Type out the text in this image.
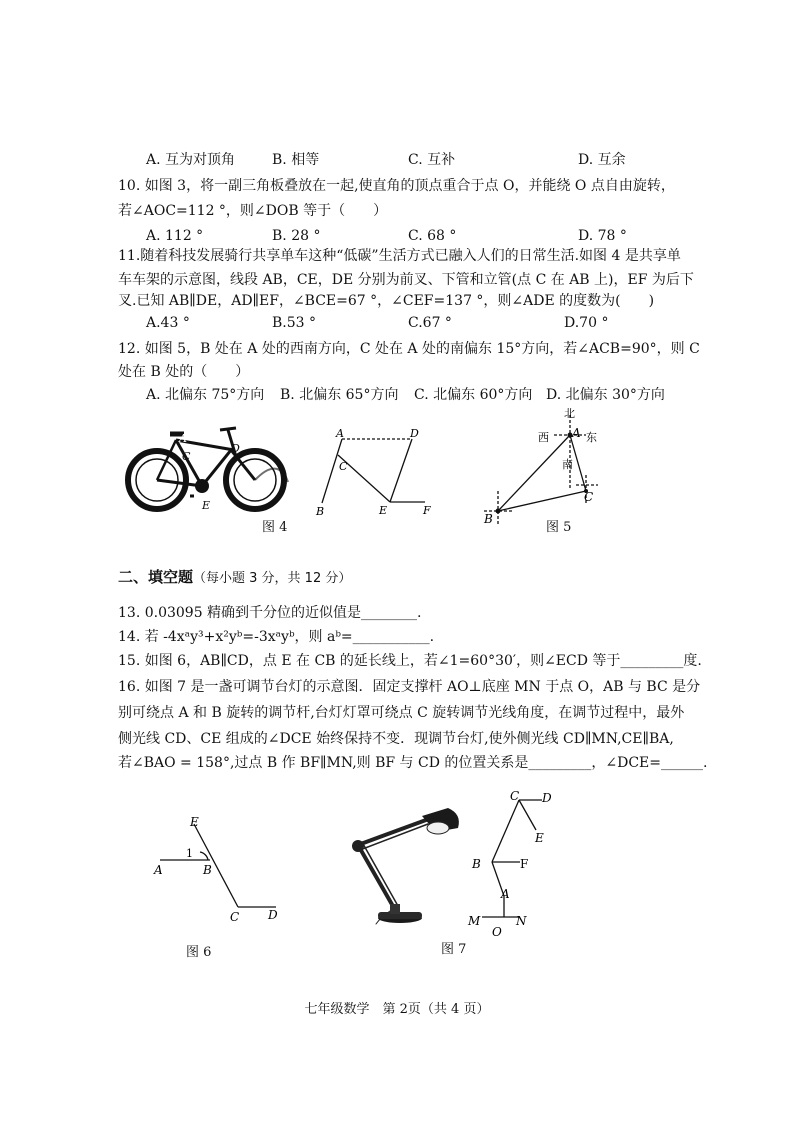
A. 互为对顶角	B. 相等	C. 互补	D. 互余
10. 如图 3，将一副三角板叠放在一起,使直角的顶点重合于点 O，并能绕 O 点自由旋转，
若∠AOC=112 °，则∠DOB 等于（　　）
A. 112 °	B. 28 °	C. 68 °	D. 78 °
11.随着科技发展骑行共享单车这种“低碳”生活方式已融入人们的日常生活.如图 4 是共享单
车车架的示意图，线段 AB，CE，DE 分别为前叉、下管和立管(点 C 在 AB 上)，EF 为后下
叉.已知 AB∥DE，AD∥EF，∠BCE=67 °，∠CEF=137 °，则∠ADE 的度数为(　　)
A.43 °	B.53 °	C.67 °	D.70 °
12. 如图 5，B 处在 A 处的西南方向，C 处在 A 处的南偏东 15°方向，若∠ACB=90°，则 C
处在 B 处的（　　）
A. 北偏东 75°方向 B. 北偏东 65°方向 C. 北偏东 60°方向 D. 北偏东 30°方向
A
C
D
B
E
F
图 4
A	D
C
B	E	F
北
西	东
南
A
B
C
图 5
二、填空题（每小题 3 分，共 12 分）
13. 0.03095 精确到千分位的近似值是________.
14. 若 -4xᵃy³+x²yᵇ=-3xᵃyᵇ，则 aᵇ=___________.
15. 如图 6，AB∥CD，点 E 在 CB 的延长线上，若∠1=60°30′，则∠ECD 等于_________度.
16. 如图 7 是一盏可调节台灯的示意图．固定支撑杆 AO⊥底座 MN 于点 O，AB 与 BC 是分
别可绕点 A 和 B 旋转的调节杆,台灯灯罩可绕点 C 旋转调节光线角度，在调节过程中，最外
侧光线 CD、CE 组成的∠DCE 始终保持不变．现调节台灯,使外侧光线 CD∥MN,CE∥BA,
若∠BAO = 158°,过点 B 作 BF∥MN,则 BF 与 CD 的位置关系是_________，∠DCE=______.
E
1
A	B
C D
图 6
C D
E
B	F
A
M	N
O
图 7
七年级数学　第 2页（共 4 页）
